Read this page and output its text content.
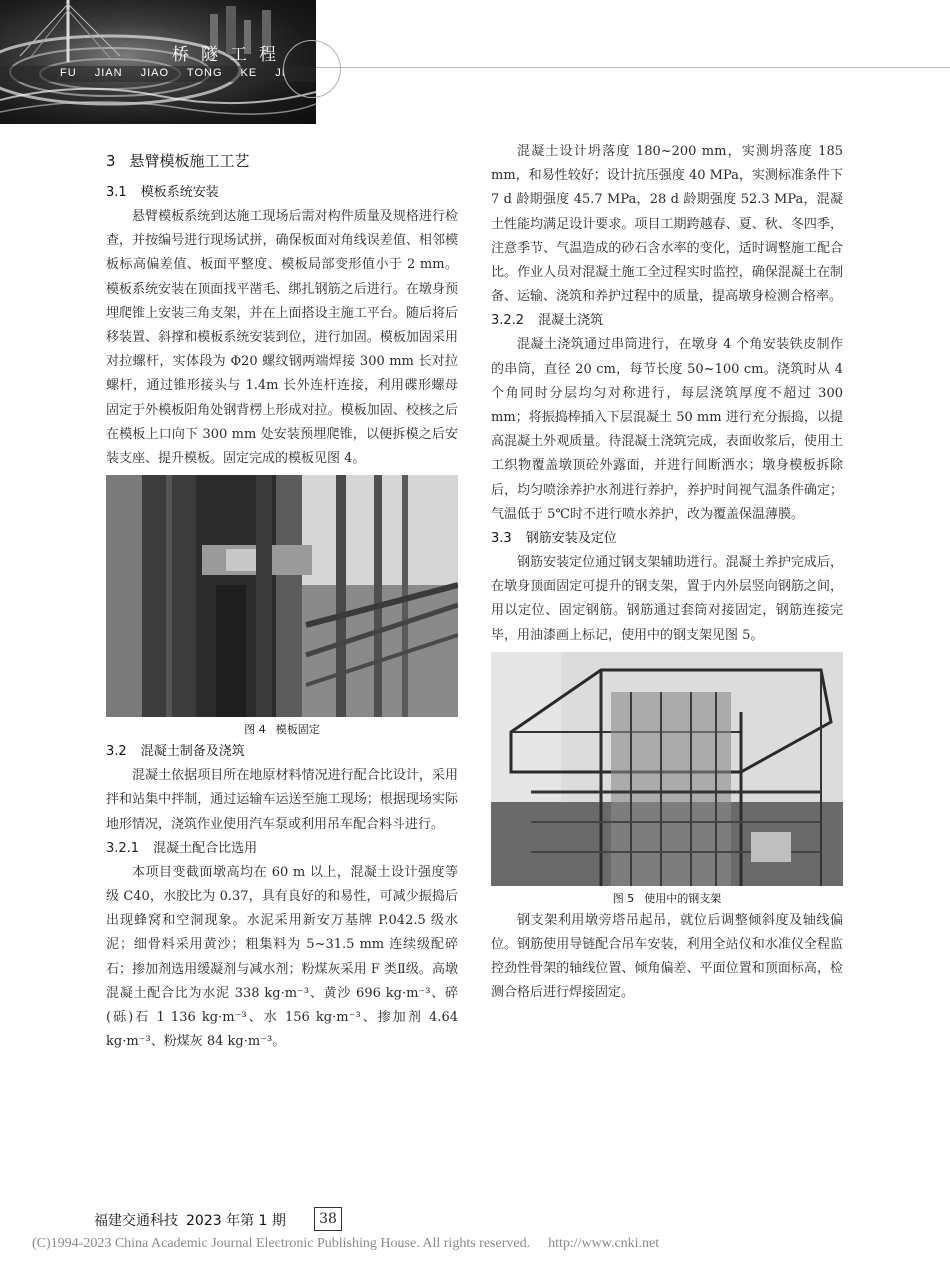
桥隧工程
FU JIAN JIAO TONG KE JI
3 悬臂模板施工工艺
3.1 模板系统安装

悬臂模板系统到达施工现场后需对构件质量及规格进行检查，并按编号进行现场试拼，确保板面对角线误差值、相邻模板标高偏差值、板面平整度、模板局部变形值小于 2 mm。模板系统安装在顶面找平凿毛、绑扎钢筋之后进行。在墩身预埋爬锥上安装三角支架，并在上面搭设主施工平台。随后将后移装置、斜撑和模板系统安装到位，进行加固。模板加固采用对拉螺杆，实体段为 Φ20 螺纹钢两端焊接 300 mm 长对拉螺杆，通过锥形接头与 1.4m 长外连杆连接，利用碟形螺母固定于外模板阳角处钢背楞上形成对拉。模板加固、校核之后在模板上口向下 300 mm 处安装预埋爬锥，以便拆模之后安装支座、提升模板。固定完成的模板见图 4。

图 4 模板固定
3.2 混凝土制备及浇筑

混凝土依据项目所在地原材料情况进行配合比设计，采用拌和站集中拌制，通过运输车运送至施工现场；根据现场实际地形情况，浇筑作业使用汽车泵或利用吊车配合料斗进行。

3.2.1 混凝土配合比选用

本项目变截面墩高均在 60 m 以上，混凝土设计强度等级 C40，水胶比为 0.37，具有良好的和易性，可减少振捣后出现蜂窝和空洞现象。水泥采用新安万基牌 P.042.5 级水泥；细骨料采用黄沙；粗集料为 5~31.5 mm 连续级配碎石；掺加剂选用缓凝剂与减水剂；粉煤灰采用 F 类Ⅱ级。高墩混凝土配合比为水泥 338 kg·m⁻³、黄沙 696 kg·m⁻³、碎(砾)石 1 136 kg·m⁻³、水 156 kg·m⁻³、掺加剂 4.64 kg·m⁻³、粉煤灰 84 kg·m⁻³。

混凝土设计坍落度 180~200 mm，实测坍落度 185 mm，和易性较好；设计抗压强度 40 MPa，实测标准条件下 7 d 龄期强度 45.7 MPa，28 d 龄期强度 52.3 MPa，混凝土性能均满足设计要求。项目工期跨越春、夏、秋、冬四季，注意季节、气温造成的砂石含水率的变化，适时调整施工配合比。作业人员对混凝土施工全过程实时监控，确保混凝土在制备、运输、浇筑和养护过程中的质量，提高墩身检测合格率。

3.2.2 混凝土浇筑

混凝土浇筑通过串筒进行，在墩身 4 个角安装铁皮制作的串筒，直径 20 cm，每节长度 50~100 cm。浇筑时从 4 个角同时分层均匀对称进行，每层浇筑厚度不超过 300 mm；将振捣棒插入下层混凝土 50 mm 进行充分振捣，以提高混凝土外观质量。待混凝土浇筑完成，表面收浆后，使用土工织物覆盖墩顶砼外露面，并进行间断洒水；墩身模板拆除后，均匀喷涂养护水剂进行养护，养护时间视气温条件确定；气温低于 5℃时不进行喷水养护，改为覆盖保温薄膜。

3.3 钢筋安装及定位

钢筋安装定位通过钢支架辅助进行。混凝土养护完成后，在墩身顶面固定可提升的钢支架，置于内外层竖向钢筋之间，用以定位、固定钢筋。钢筋通过套筒对接固定，钢筋连接完毕，用油漆画上标记，使用中的钢支架见图 5。

图 5 使用中的钢支架

钢支架利用墩旁塔吊起吊，就位后调整倾斜度及轴线偏位。钢筋使用导链配合吊车安装，利用全站仪和水准仪全程监控劲性骨架的轴线位置、倾角偏差、平面位置和顶面标高，检测合格后进行焊接固定。

福建交通科技 2023 年第 1 期	38
(C)1994-2023 China Academic Journal Electronic Publishing House. All rights reserved. http://www.cnki.net
